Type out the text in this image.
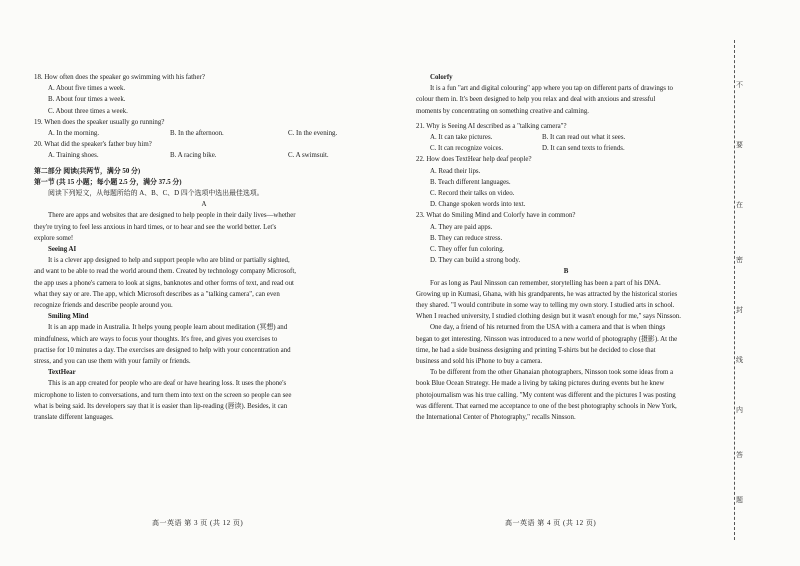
18. How often does the speaker go swimming with his father?
A. About five times a week.
B. About four times a week.
C. About three times a week.
19. When does the speaker usually go running?
A. In the morning.	B. In the afternoon.	C. In the evening.
20. What did the speaker's father buy him?
A. Training shoes.	B. A racing bike.	C. A swimsuit.
第二部分 阅读(共两节，满分 50 分)
第一节 (共 15 小题；每小题 2.5 分，满分 37.5 分)
阅读下列短文，从每题所给的 A、B、C、D 四个选项中选出最佳选项。
A
There are apps and websites that are designed to help people in their daily lives—whether
they're trying to feel less anxious in hard times, or to hear and see the world better. Let's
explore some!
Seeing AI
It is a clever app designed to help and support people who are blind or partially sighted,
and want to be able to read the world around them. Created by technology company Microsoft,
the app uses a phone's camera to look at signs, banknotes and other forms of text, and read out
what they say or are. The app, which Microsoft describes as a "talking camera", can even
recognize friends and describe people around you.
Smiling Mind
It is an app made in Australia. It helps young people learn about meditation (冥想) and
mindfulness, which are ways to focus your thoughts. It's free, and gives you exercises to
practise for 10 minutes a day. The exercises are designed to help with your concentration and
stress, and you can use them with your family or friends.
TextHear
This is an app created for people who are deaf or have hearing loss. It uses the phone's
microphone to listen to conversations, and turn them into text on the screen so people can see
what is being said. Its developers say that it is easier than lip-reading (唇读). Besides, it can
translate different languages.
Colorfy
It is a fun "art and digital colouring" app where you tap on different parts of drawings to
colour them in. It's been designed to help you relax and deal with anxious and stressful
moments by concentrating on something creative and calming.
21. Why is Seeing AI described as a "talking camera"?
A. It can take pictures.	B. It can read out what it sees.
C. It can recognize voices.	D. It can send texts to friends.
22. How does TextHear help deaf people?
A. Read their lips.
B. Teach different languages.
C. Record their talks on video.
D. Change spoken words into text.
23. What do Smiling Mind and Colorfy have in common?
A. They are paid apps.
B. They can reduce stress.
C. They offer fun coloring.
D. They can build a strong body.
B
For as long as Paul Ninsson can remember, storytelling has been a part of his DNA.
Growing up in Kumasi, Ghana, with his grandparents, he was attracted by the historical stories
they shared. "I would contribute in some way to telling my own story. I studied arts in school.
When I reached university, I studied clothing design but it wasn't enough for me," says Ninsson.
One day, a friend of his returned from the USA with a camera and that is when things
began to get interesting. Ninsson was introduced to a new world of photography (摄影). At the
time, he had a side business designing and printing T-shirts but he decided to close that
business and sold his iPhone to buy a camera.
To be different from the other Ghanaian photographers, Ninsson took some ideas from a
book Blue Ocean Strategy. He made a living by taking pictures during events but he knew
photojournalism was his true calling. "My content was different and the pictures I was posting
was different. That earned me acceptance to one of the best photography schools in New York,
the International Center of Photography," recalls Ninsson.
高一英语 第 3 页 (共 12 页)	高一英语 第 4 页 (共 12 页)
不
要
在
密
封
线
内
答
题
